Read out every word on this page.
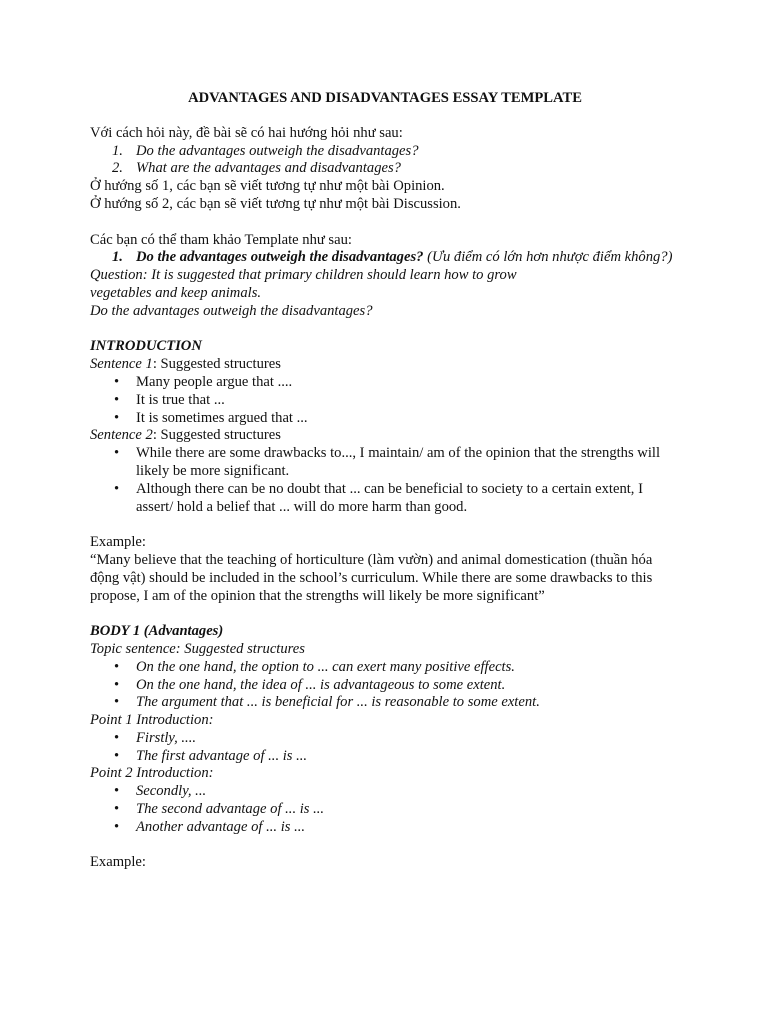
ADVANTAGES AND DISADVANTAGES ESSAY TEMPLATE

Với cách hỏi này, đề bài sẽ có hai hướng hỏi như sau:

1. Do the advantages outweigh the disadvantages?
2. What are the advantages and disadvantages?

Ở hướng số 1, các bạn sẽ viết tương tự như một bài Opinion.

Ở hướng số 2, các bạn sẽ viết tương tự như một bài Discussion.

Các bạn có thể tham khảo Template như sau:

1. Do the advantages outweigh the disadvantages? (Ưu điểm có lớn hơn nhược điểm không?)

Question: It is suggested that primary children should learn how to grow

vegetables and keep animals.

Do the advantages outweigh the disadvantages?

INTRODUCTION

Sentence 1: Suggested structures

• Many people argue that ....
• It is true that ...
• It is sometimes argued that ...

Sentence 2: Suggested structures

• While there are some drawbacks to..., I maintain/ am of the opinion that the strengths will likely be more significant.
• Although there can be no doubt that ... can be beneficial to society to a certain extent, I assert/ hold a belief that ... will do more harm than good.

Example:

“Many believe that the teaching of horticulture (làm vườn) and animal domestication (thuần hóa động vật) should be included in the school’s curriculum. While there are some drawbacks to this propose, I am of the opinion that the strengths will likely be more significant”

BODY 1 (Advantages)

Topic sentence: Suggested structures

• On the one hand, the option to ... can exert many positive effects.
• On the one hand, the idea of ... is advantageous to some extent.
• The argument that ... is beneficial for ... is reasonable to some extent.

Point 1 Introduction:

• Firstly, ....
• The first advantage of ... is ...

Point 2 Introduction:

• Secondly, ...
• The second advantage of ... is ...
• Another advantage of ... is ...

Example:
